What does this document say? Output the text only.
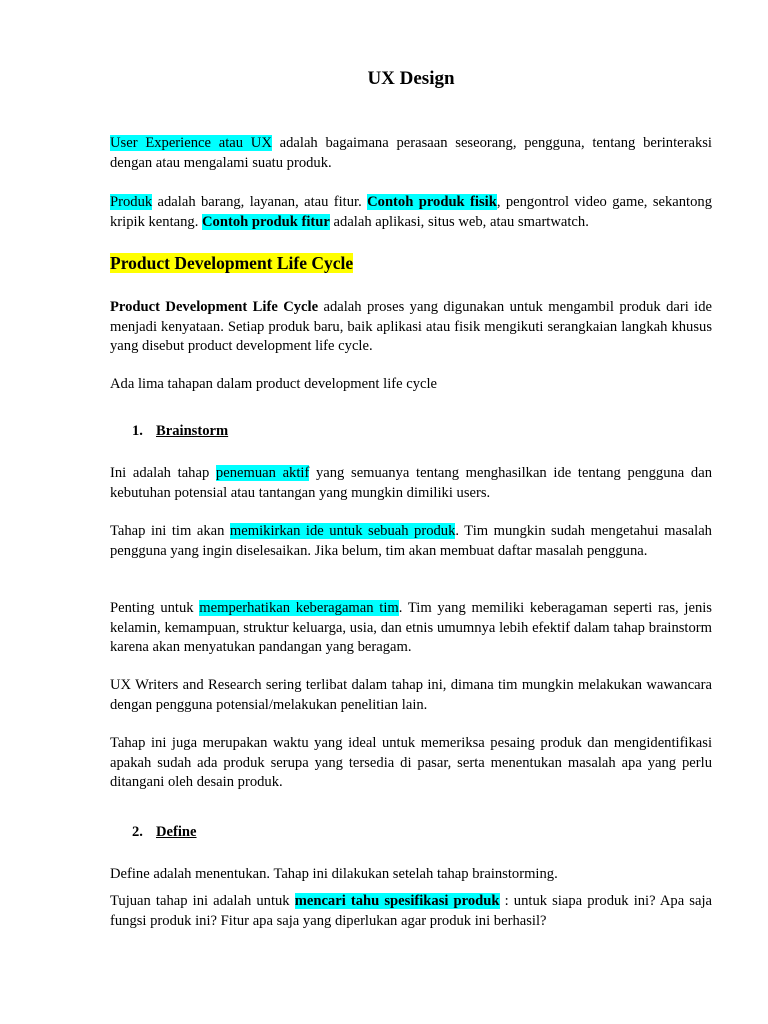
UX Design

User Experience atau UX adalah bagaimana perasaan seseorang, pengguna, tentang berinteraksi dengan atau mengalami suatu produk.

Produk adalah barang, layanan, atau fitur. Contoh produk fisik, pengontrol video game, sekantong kripik kentang. Contoh produk fitur adalah aplikasi, situs web, atau smartwatch.

Product Development Life Cycle

Product Development Life Cycle adalah proses yang digunakan untuk mengambil produk dari ide menjadi kenyataan. Setiap produk baru, baik aplikasi atau fisik mengikuti serangkaian langkah khusus yang disebut product development life cycle.

Ada lima tahapan dalam product development life cycle

1. Brainstorm

Ini adalah tahap penemuan aktif yang semuanya tentang menghasilkan ide tentang pengguna dan kebutuhan potensial atau tantangan yang mungkin dimiliki users.

Tahap ini tim akan memikirkan ide untuk sebuah produk. Tim mungkin sudah mengetahui masalah pengguna yang ingin diselesaikan. Jika belum, tim akan membuat daftar masalah pengguna.

Penting untuk memperhatikan keberagaman tim. Tim yang memiliki keberagaman seperti ras, jenis kelamin, kemampuan, struktur keluarga, usia, dan etnis umumnya lebih efektif dalam tahap brainstorm karena akan menyatukan pandangan yang beragam.

UX Writers and Research sering terlibat dalam tahap ini, dimana tim mungkin melakukan wawancara dengan pengguna potensial/melakukan penelitian lain.

Tahap ini juga merupakan waktu yang ideal untuk memeriksa pesaing produk dan mengidentifikasi apakah sudah ada produk serupa yang tersedia di pasar, serta menentukan masalah apa yang perlu ditangani oleh desain produk.

2. Define

Define adalah menentukan. Tahap ini dilakukan setelah tahap brainstorming.

Tujuan tahap ini adalah untuk mencari tahu spesifikasi produk : untuk siapa produk ini? Apa saja fungsi produk ini? Fitur apa saja yang diperlukan agar produk ini berhasil?
